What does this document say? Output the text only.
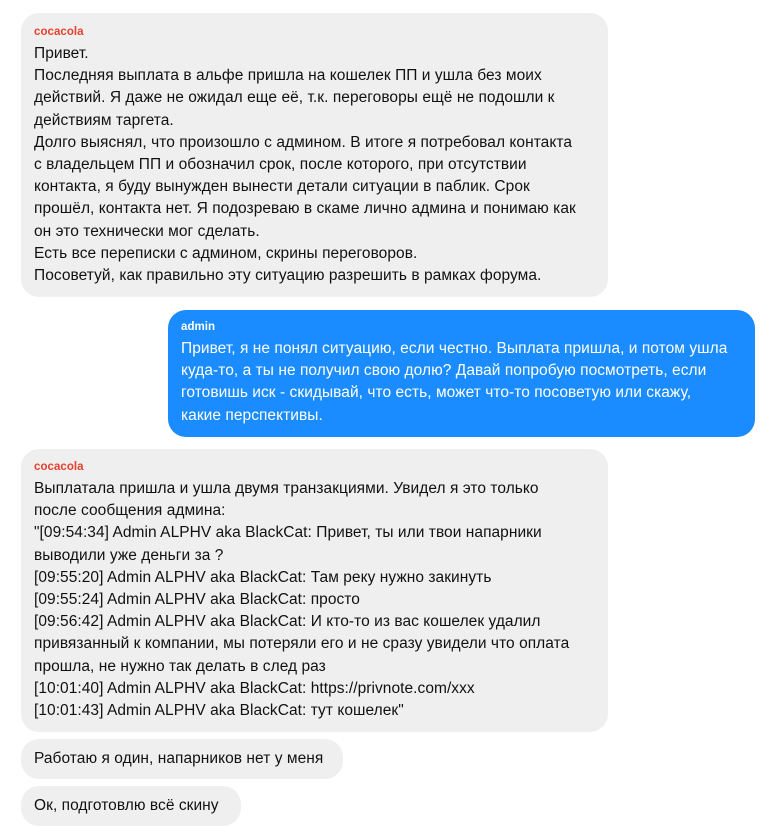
cocacola
Привет.
Последняя выплата в альфе пришла на кошелек ПП и ушла без моих
действий. Я даже не ожидал еще её, т.к. переговоры ещё не подошли к
действиям таргета.
Долго выяснял, что произошло с админом. В итоге я потребовал контакта
с владельцем ПП и обозначил срок, после которого, при отсутствии
контакта, я буду вынужден вынести детали ситуации в паблик. Срок
прошёл, контакта нет. Я подозреваю в скаме лично админа и понимаю как
он это технически мог сделать.
Есть все переписки с админом, скрины переговоров.
Посоветуй, как правильно эту ситуацию разрешить в рамках форума.
admin
Привет, я не понял ситуацию, если честно. Выплата пришла, и потом ушла
куда-то, а ты не получил свою долю? Давай попробую посмотреть, если
готовишь иск - скидывай, что есть, может что-то посоветую или скажу,
какие перспективы.
cocacola
Выплатала пришла и ушла двумя транзакциями. Увидел я это только
после сообщения админа:
"[09:54:34] Admin ALPHV aka BlackCat: Привет, ты или твои напарники
выводили уже деньги за ?
[09:55:20] Admin ALPHV aka BlackCat: Там реку нужно закинуть
[09:55:24] Admin ALPHV aka BlackCat: просто
[09:56:42] Admin ALPHV aka BlackCat: И кто-то из вас кошелек удалил
привязанный к компании, мы потеряли его и не сразу увидели что оплата
прошла, не нужно так делать в след раз
[10:01:40] Admin ALPHV aka BlackCat: https://privnote.com/xxx
[10:01:43] Admin ALPHV aka BlackCat: тут кошелек"
Работаю я один, напарников нет у меня
Ок, подготовлю всё скину
